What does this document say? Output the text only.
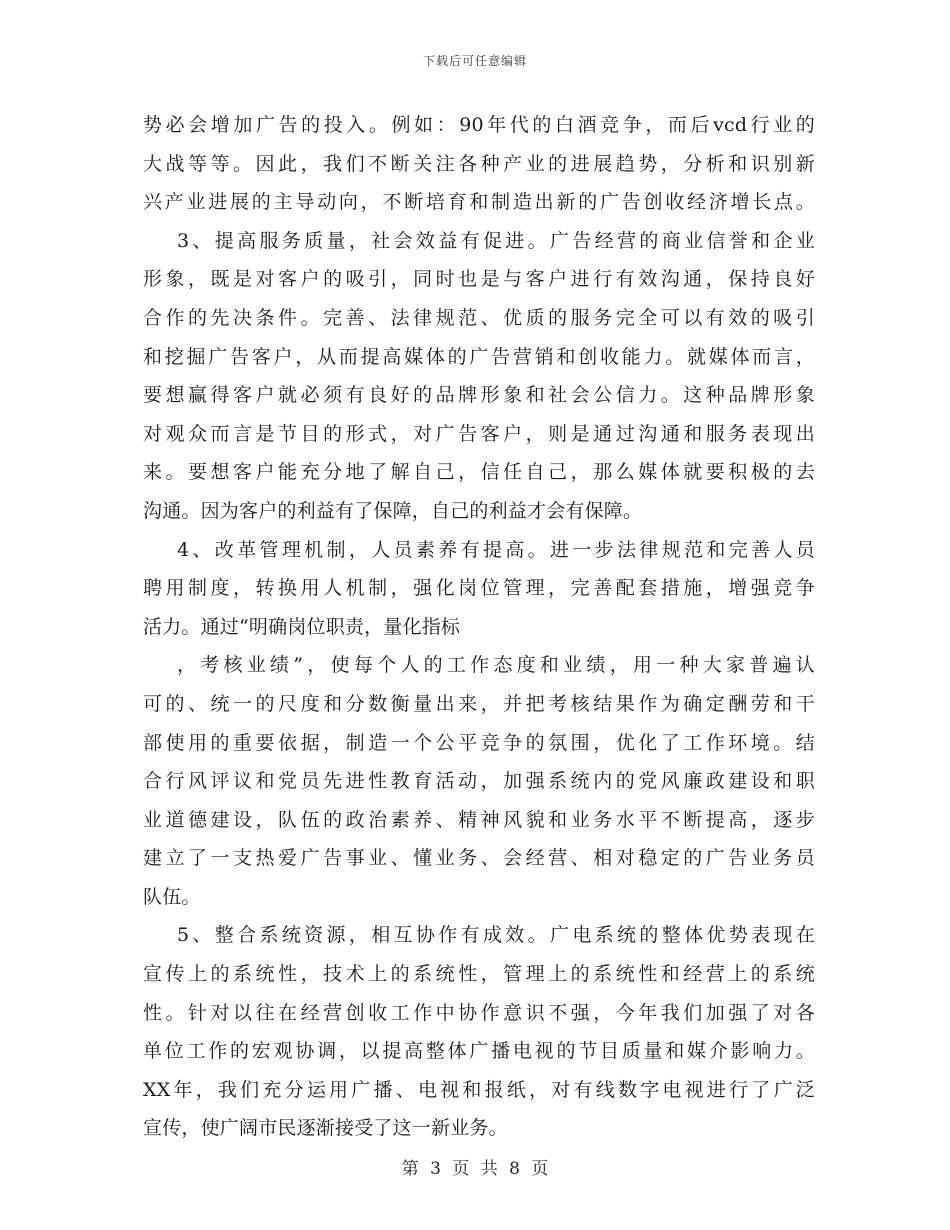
下载后可任意编辑
势必会增加广告的投入。例如：90年代的白酒竞争，而后vcd行业的
大战等等。因此，我们不断关注各种产业的进展趋势，分析和识别新
兴产业进展的主导动向，不断培育和制造出新的广告创收经济增长点。
3、提高服务质量，社会效益有促进。广告经营的商业信誉和企业
形象，既是对客户的吸引，同时也是与客户进行有效沟通，保持良好
合作的先决条件。完善、法律规范、优质的服务完全可以有效的吸引
和挖掘广告客户，从而提高媒体的广告营销和创收能力。就媒体而言，
要想赢得客户就必须有良好的品牌形象和社会公信力。这种品牌形象
对观众而言是节目的形式，对广告客户，则是通过沟通和服务表现出
来。要想客户能充分地了解自己，信任自己，那么媒体就要积极的去
沟通。因为客户的利益有了保障，自己的利益才会有保障。
4、改革管理机制，人员素养有提高。进一步法律规范和完善人员
聘用制度，转换用人机制，强化岗位管理，完善配套措施，增强竞争
活力。通过“明确岗位职责，量化指标
，考核业绩”，使每个人的工作态度和业绩，用一种大家普遍认
可的、统一的尺度和分数衡量出来，并把考核结果作为确定酬劳和干
部使用的重要依据，制造一个公平竞争的氛围，优化了工作环境。结
合行风评议和党员先进性教育活动，加强系统内的党风廉政建设和职
业道德建设，队伍的政治素养、精神风貌和业务水平不断提高，逐步
建立了一支热爱广告事业、懂业务、会经营、相对稳定的广告业务员
队伍。
5、整合系统资源，相互协作有成效。广电系统的整体优势表现在
宣传上的系统性，技术上的系统性，管理上的系统性和经营上的系统
性。针对以往在经营创收工作中协作意识不强，今年我们加强了对各
单位工作的宏观协调，以提高整体广播电视的节目质量和媒介影响力。
XX年，我们充分运用广播、电视和报纸，对有线数字电视进行了广泛
宣传，使广阔市民逐渐接受了这一新业务。
第 3 页 共 8 页
